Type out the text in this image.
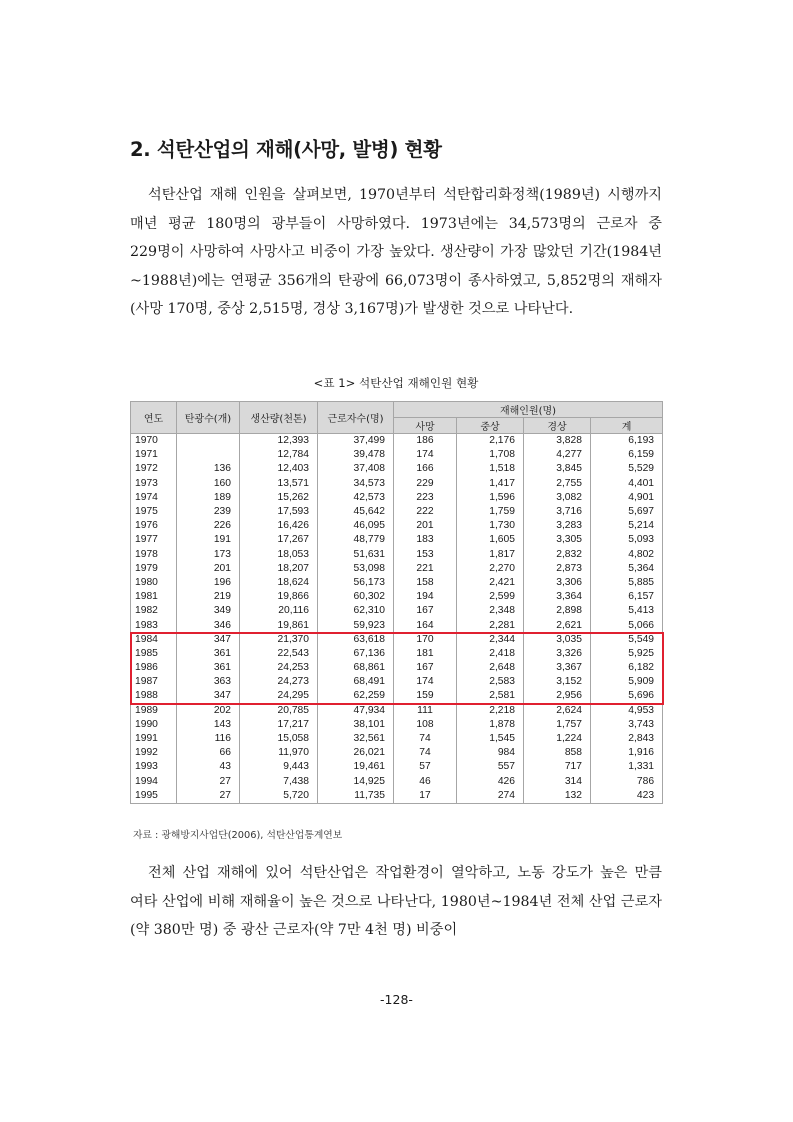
2. 석탄산업의 재해(사망, 발병) 현황

석탄산업 재해 인원을 살펴보면, 1970년부터 석탄합리화정책(1989년) 시행까지 매년 평균 180명의 광부들이 사망하였다. 1973년에는 34,573명의 근로자 중 229명이 사망하여 사망사고 비중이 가장 높았다. 생산량이 가장 많았던 기간(1984년~1988년)에는 연평균 356개의 탄광에 66,073명이 종사하였고, 5,852명의 재해자(사망 170명, 중상 2,515명, 경상 3,167명)가 발생한 것으로 나타난다.

<표 1> 석탄산업 재해인원 현황
연도	탄광수(개)	생산량(천톤)	근로자수(명)	재해인원(명)			
				사망	중상	경상	계
1970		12,393	37,499	186	2,176	3,828	6,193
1971		12,784	39,478	174	1,708	4,277	6,159
1972	136	12,403	37,408	166	1,518	3,845	5,529
1973	160	13,571	34,573	229	1,417	2,755	4,401
1974	189	15,262	42,573	223	1,596	3,082	4,901
1975	239	17,593	45,642	222	1,759	3,716	5,697
1976	226	16,426	46,095	201	1,730	3,283	5,214
1977	191	17,267	48,779	183	1,605	3,305	5,093
1978	173	18,053	51,631	153	1,817	2,832	4,802
1979	201	18,207	53,098	221	2,270	2,873	5,364
1980	196	18,624	56,173	158	2,421	3,306	5,885
1981	219	19,866	60,302	194	2,599	3,364	6,157
1982	349	20,116	62,310	167	2,348	2,898	5,413
1983	346	19,861	59,923	164	2,281	2,621	5,066
1984	347	21,370	63,618	170	2,344	3,035	5,549
1985	361	22,543	67,136	181	2,418	3,326	5,925
1986	361	24,253	68,861	167	2,648	3,367	6,182
1987	363	24,273	68,491	174	2,583	3,152	5,909
1988	347	24,295	62,259	159	2,581	2,956	5,696
1989	202	20,785	47,934	111	2,218	2,624	4,953
1990	143	17,217	38,101	108	1,878	1,757	3,743
1991	116	15,058	32,561	74	1,545	1,224	2,843
1992	66	11,970	26,021	74	984	858	1,916
1993	43	9,443	19,461	57	557	717	1,331
1994	27	7,438	14,925	46	426	314	786
1995	27	5,720	11,735	17	274	132	423
자료 : 광해방지사업단(2006), 석탄산업통계연보

전체 산업 재해에 있어 석탄산업은 작업환경이 열악하고, 노동 강도가 높은 만큼 여타 산업에 비해 재해율이 높은 것으로 나타난다, 1980년~1984년 전체 산업 근로자(약 380만 명) 중 광산 근로자(약 7만 4천 명) 비중이

-128-
